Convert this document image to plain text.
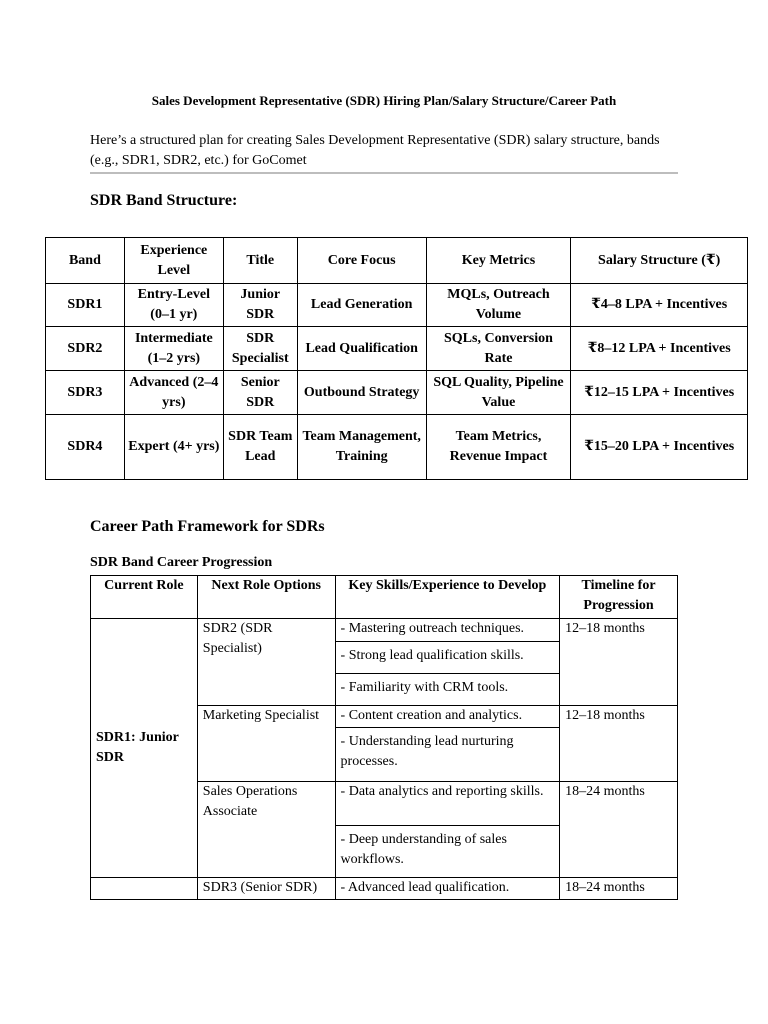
Sales Development Representative (SDR) Hiring Plan/Salary Structure/Career Path
Here’s a structured plan for creating Sales Development Representative (SDR) salary structure, bands (e.g., SDR1, SDR2, etc.) for GoComet
SDR Band Structure:
Band	Experience Level	Title	Core Focus	Key Metrics	Salary Structure (₹)
SDR1	Entry-Level (0–1 yr)	Junior SDR	Lead Generation	MQLs, Outreach Volume	₹4–8 LPA + Incentives
SDR2	Intermediate (1–2 yrs)	SDR Specialist	Lead Qualification	SQLs, Conversion Rate	₹8–12 LPA + Incentives
SDR3	Advanced (2–4 yrs)	Senior SDR	Outbound Strategy	SQL Quality, Pipeline Value	₹12–15 LPA + Incentives
SDR4	Expert (4+ yrs)	SDR Team Lead	Team Management, Training	Team Metrics, Revenue Impact	₹15–20 LPA + Incentives
Career Path Framework for SDRs
SDR Band Career Progression
Current Role	Next Role Options	Key Skills/Experience to Develop	Timeline for Progression
SDR1: Junior SDR	SDR2 (SDR Specialist)	- Mastering outreach techniques.	12–18 months
		- Strong lead qualification skills.	
		- Familiarity with CRM tools.	
	Marketing Specialist	- Content creation and analytics.	12–18 months
		- Understanding lead nurturing processes.	
	Sales Operations Associate	- Data analytics and reporting skills.	18–24 months
		- Deep understanding of sales workflows.	
	SDR3 (Senior SDR)	- Advanced lead qualification.	18–24 months
